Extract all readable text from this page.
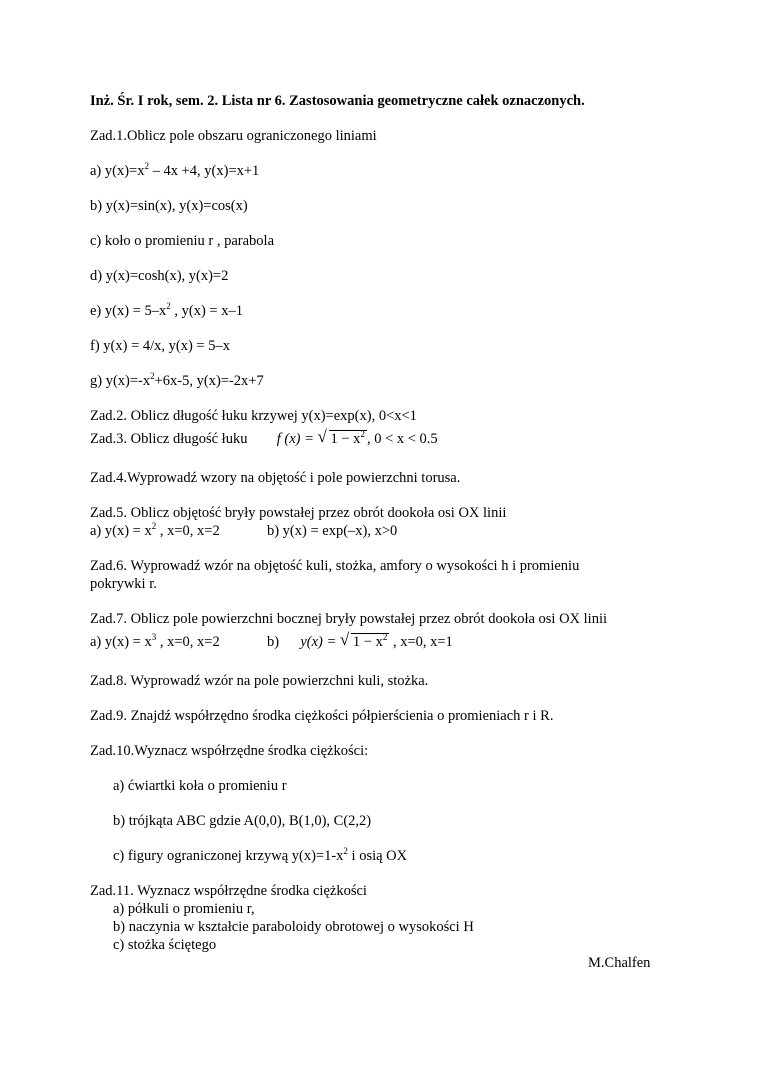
Inż. Śr. I rok, sem. 2. Lista nr 6. Zastosowania geometryczne całek oznaczonych.
Zad.1.Oblicz pole obszaru ograniczonego liniami
a) $y(x)=x^2 - 4x +4$, y(x)=x+1
b) y(x)=sin(x), y(x)=cos(x)
c) koło o promieniu r , parabola
d) y(x)=cosh(x), y(x)=2
e) $y(x) = 5-x^2$ , y(x) = x–1
f) y(x) = 4/x, y(x) = 5–x
g) $y(x)=-x^2+6x-5$, y(x)=-2x+7
Zad.2. Oblicz długość łuku krzywej y(x)=exp(x), 0<x<1
Zad.3. Oblicz długość łuku f (x) = √ $1 - x^2$ , 0 < x < 0.5
Zad.4.Wyprowadź wzory na objętość i pole powierzchni torusa.
Zad.5. Oblicz objętość bryły powstałej przez obrót dookoła osi OX linii
a) $y(x) = x^2$ , x=0, x=2	b) y(x) = exp(–x), x>0
Zad.6. Wyprowadź wzór na objętość kuli, stożka, amfory o wysokości h i promieniu
pokrywki r.
Zad.7. Oblicz pole powierzchni bocznej bryły powstałej przez obrót dookoła osi OX linii
a) $y(x) = x^3$ , x=0, x=2	b) y(x) = √ $1 - x^2$ , x=0, x=1
Zad.8. Wyprowadź wzór na pole powierzchni kuli, stożka.
Zad.9. Znajdź współrzędno środka ciężkości półpierścienia o promieniach r i R.
Zad.10.Wyznacz współrzędne środka ciężkości:
a) ćwiartki koła o promieniu r
b) trójkąta ABC gdzie A(0,0), B(1,0), C(2,2)
c) figury ograniczonej krzywą $y(x)=1-x^2$ i osią OX
Zad.11. Wyznacz współrzędne środka ciężkości
a) półkuli o promieniu r,
b) naczynia w kształcie paraboloidy obrotowej o wysokości H
c) stożka ściętego
M.Chalfen
